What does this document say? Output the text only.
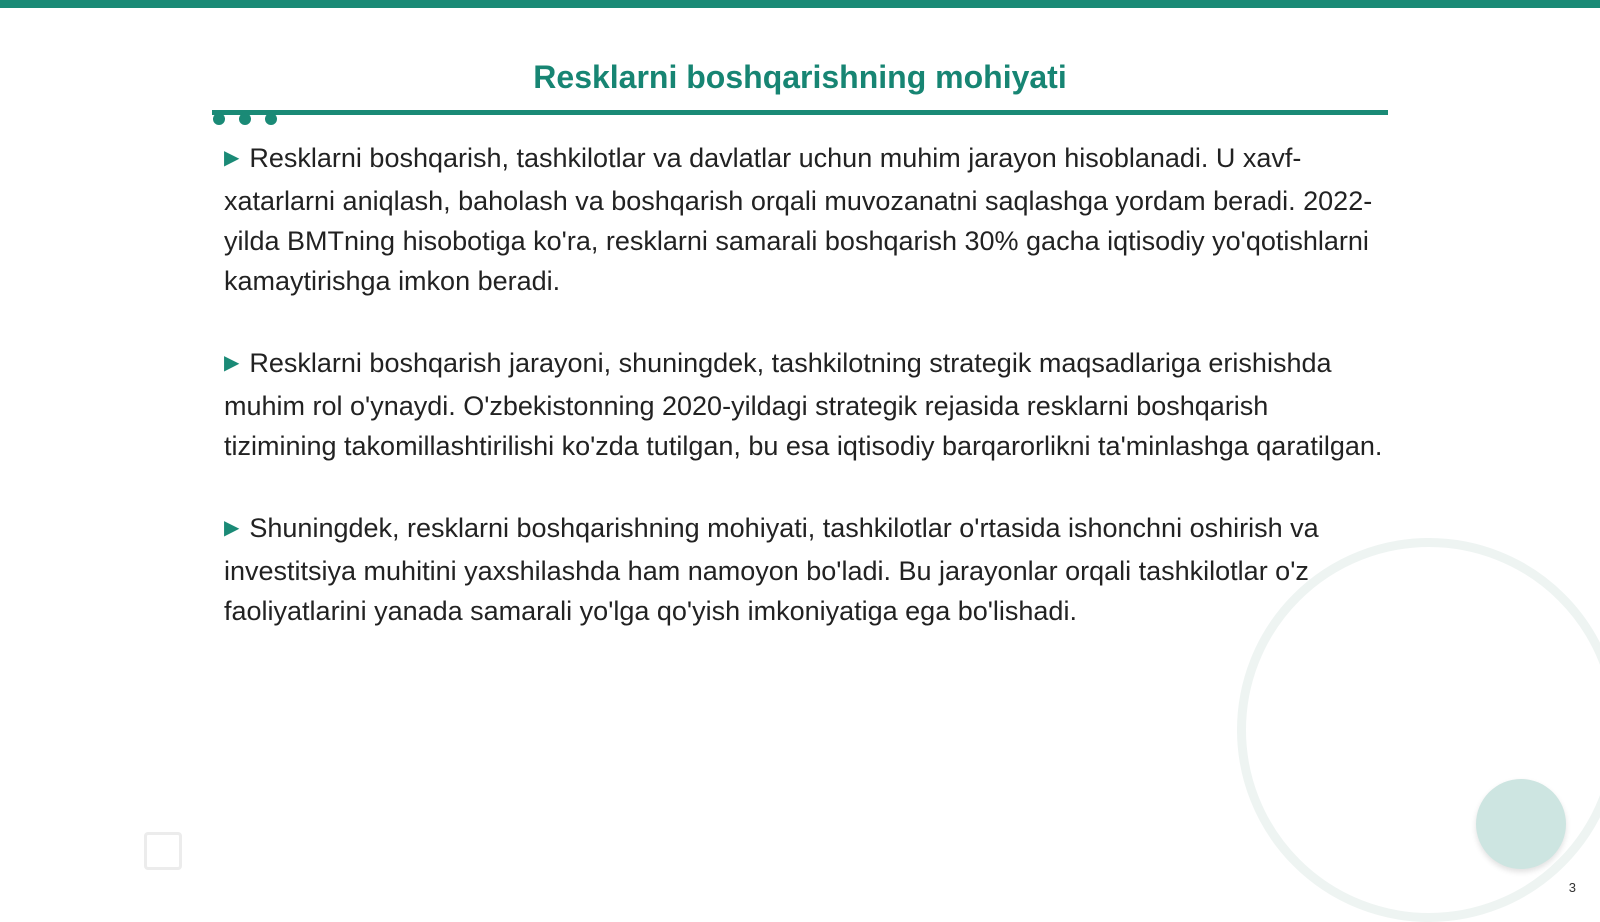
Resklarni boshqarishning mohiyati

▶ Resklarni boshqarish, tashkilotlar va davlatlar uchun muhim jarayon hisoblanadi. U xavf-xatarlarni aniqlash, baholash va boshqarish orqali muvozanatni saqlashga yordam beradi. 2022-yilda BMTning hisobotiga ko'ra, resklarni samarali boshqarish 30% gacha iqtisodiy yo'qotishlarni kamaytirishga imkon beradi.

▶ Resklarni boshqarish jarayoni, shuningdek, tashkilotning strategik maqsadlariga erishishda muhim rol o'ynaydi. O'zbekistonning 2020-yildagi strategik rejasida resklarni boshqarish tizimining takomillashtirilishi ko'zda tutilgan, bu esa iqtisodiy barqarorlikni ta'minlashga qaratilgan.

▶ Shuningdek, resklarni boshqarishning mohiyati, tashkilotlar o'rtasida ishonchni oshirish va investitsiya muhitini yaxshilashda ham namoyon bo'ladi. Bu jarayonlar orqali tashkilotlar o'z faoliyatlarini yanada samarali yo'lga qo'yish imkoniyatiga ega bo'lishadi.

3
